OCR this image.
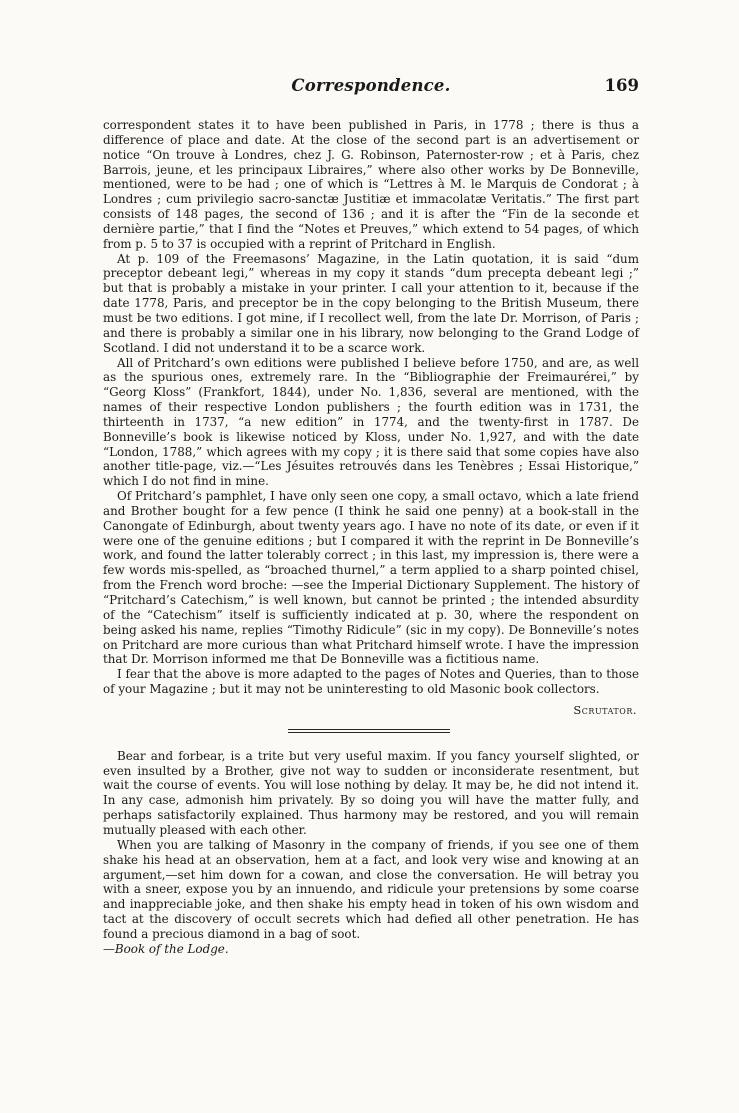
Correspondence.	169

correspondent states it to have been published in Paris, in 1778 ; there is thus a difference of place and date. At the close of the second part is an advertisement or notice “On trouve à Londres, chez J. G. Robinson, Paternoster-row ; et à Paris, chez Barrois, jeune, et les principaux Libraires,” where also other works by De Bonneville, mentioned, were to be had ; one of which is “Lettres à M. le Marquis de Condorat ; à Londres ; cum privilegio sacro-sanctæ Justitiæ et immacolatæ Veritatis.” The first part consists of 148 pages, the second of 136 ; and it is after the “Fin de la seconde et dernière partie,” that I find the “Notes et Preuves,” which extend to 54 pages, of which from p. 5 to 37 is occupied with a reprint of Pritchard in English.

At p. 109 of the Freemasons’ Magazine, in the Latin quotation, it is said “dum preceptor debeant legi,” whereas in my copy it stands “dum precepta debeant legi ;” but that is probably a mistake in your printer. I call your attention to it, because if the date 1778, Paris, and preceptor be in the copy belonging to the British Museum, there must be two editions. I got mine, if I recollect well, from the late Dr. Morrison, of Paris ; and there is probably a similar one in his library, now belonging to the Grand Lodge of Scotland. I did not understand it to be a scarce work.

All of Pritchard’s own editions were published I believe before 1750, and are, as well as the spurious ones, extremely rare. In the “Bibliographie der Freimaurérei,” by “Georg Kloss” (Frankfort, 1844), under No. 1,836, several are mentioned, with the names of their respective London publishers ; the fourth edition was in 1731, the thirteenth in 1737, “a new edition” in 1774, and the twenty-first in 1787. De Bonneville’s book is likewise noticed by Kloss, under No. 1,927, and with the date “London, 1788,” which agrees with my copy ; it is there said that some copies have also another title-page, viz.—“Les Jésuites retrouvés dans les Tenèbres ; Essai Historique,” which I do not find in mine.

Of Pritchard’s pamphlet, I have only seen one copy, a small octavo, which a late friend and Brother bought for a few pence (I think he said one penny) at a book-stall in the Canongate of Edinburgh, about twenty years ago. I have no note of its date, or even if it were one of the genuine editions ; but I compared it with the reprint in De Bonneville’s work, and found the latter tolerably correct ; in this last, my impression is, there were a few words mis-spelled, as “broached thurnel,” a term applied to a sharp pointed chisel, from the French word broche: —see the Imperial Dictionary Supplement. The history of “Pritchard’s Catechism,” is well known, but cannot be printed ; the intended absurdity of the “Catechism” itself is sufficiently indicated at p. 30, where the respondent on being asked his name, replies “Timothy Ridicule” (sic in my copy). De Bonneville’s notes on Pritchard are more curious than what Pritchard himself wrote. I have the impression that Dr. Morrison informed me that De Bonneville was a fictitious name.

I fear that the above is more adapted to the pages of Notes and Queries, than to those of your Magazine ; but it may not be uninteresting to old Masonic book collectors.

Scrutator.

Bear and forbear, is a trite but very useful maxim. If you fancy yourself slighted, or even insulted by a Brother, give not way to sudden or inconsiderate resentment, but wait the course of events. You will lose nothing by delay. It may be, he did not intend it. In any case, admonish him privately. By so doing you will have the matter fully, and perhaps satisfactorily explained. Thus harmony may be restored, and you will remain mutually pleased with each other.

When you are talking of Masonry in the company of friends, if you see one of them shake his head at an observation, hem at a fact, and look very wise and knowing at an argument,—set him down for a cowan, and close the conversation. He will betray you with a sneer, expose you by an innuendo, and ridicule your pretensions by some coarse and inappreciable joke, and then shake his empty head in token of his own wisdom and tact at the discovery of occult secrets which had defied all other penetration. He has found a precious diamond in a bag of soot.

—Book of the Lodge.
